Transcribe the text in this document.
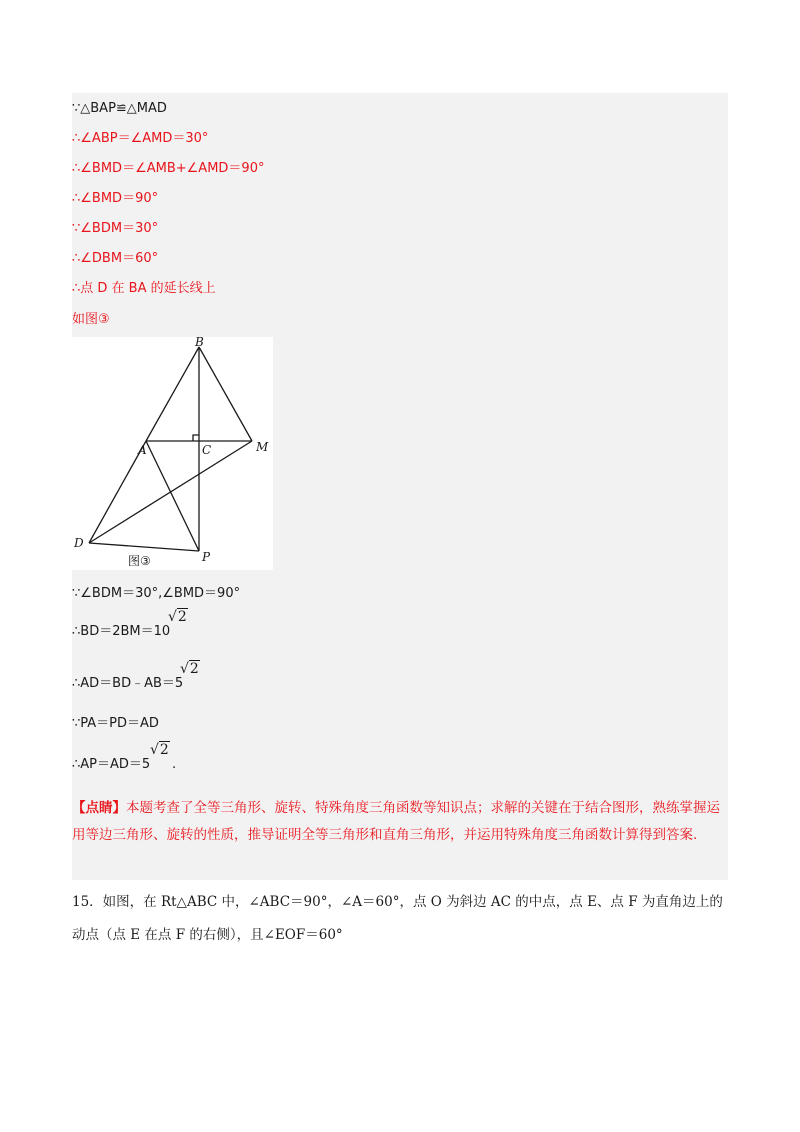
∵△BAP≌△MAD
∴∠ABP＝∠AMD＝30°
∴∠BMD＝∠AMB+∠AMD＝90°
∴∠BMD＝90°
∵∠BDM＝30°
∴∠DBM＝60°
∴点 D 在 BA 的延长线上
如图③
B
A	C	M
D
P
图③
∵∠BDM＝30°,∠BMD＝90°
∴BD＝2BM＝10
√2
∴AD＝BD﹣AB＝5
√2
∵PA＝PD＝AD
∴AP＝AD＝5
√2
.
【点睛】本题考查了全等三角形、旋转、特殊角度三角函数等知识点；求解的关键在于结合图形，熟练掌握运用等边三角形、旋转的性质，推导证明全等三角形和直角三角形，并运用特殊角度三角函数计算得到答案.
15．如图，在 Rt△ABC 中，∠ABC＝90°，∠A＝60°，点 O 为斜边 AC 的中点，点 E、点 F 为直角边上的动点（点 E 在点 F 的右侧），且∠EOF＝60°
